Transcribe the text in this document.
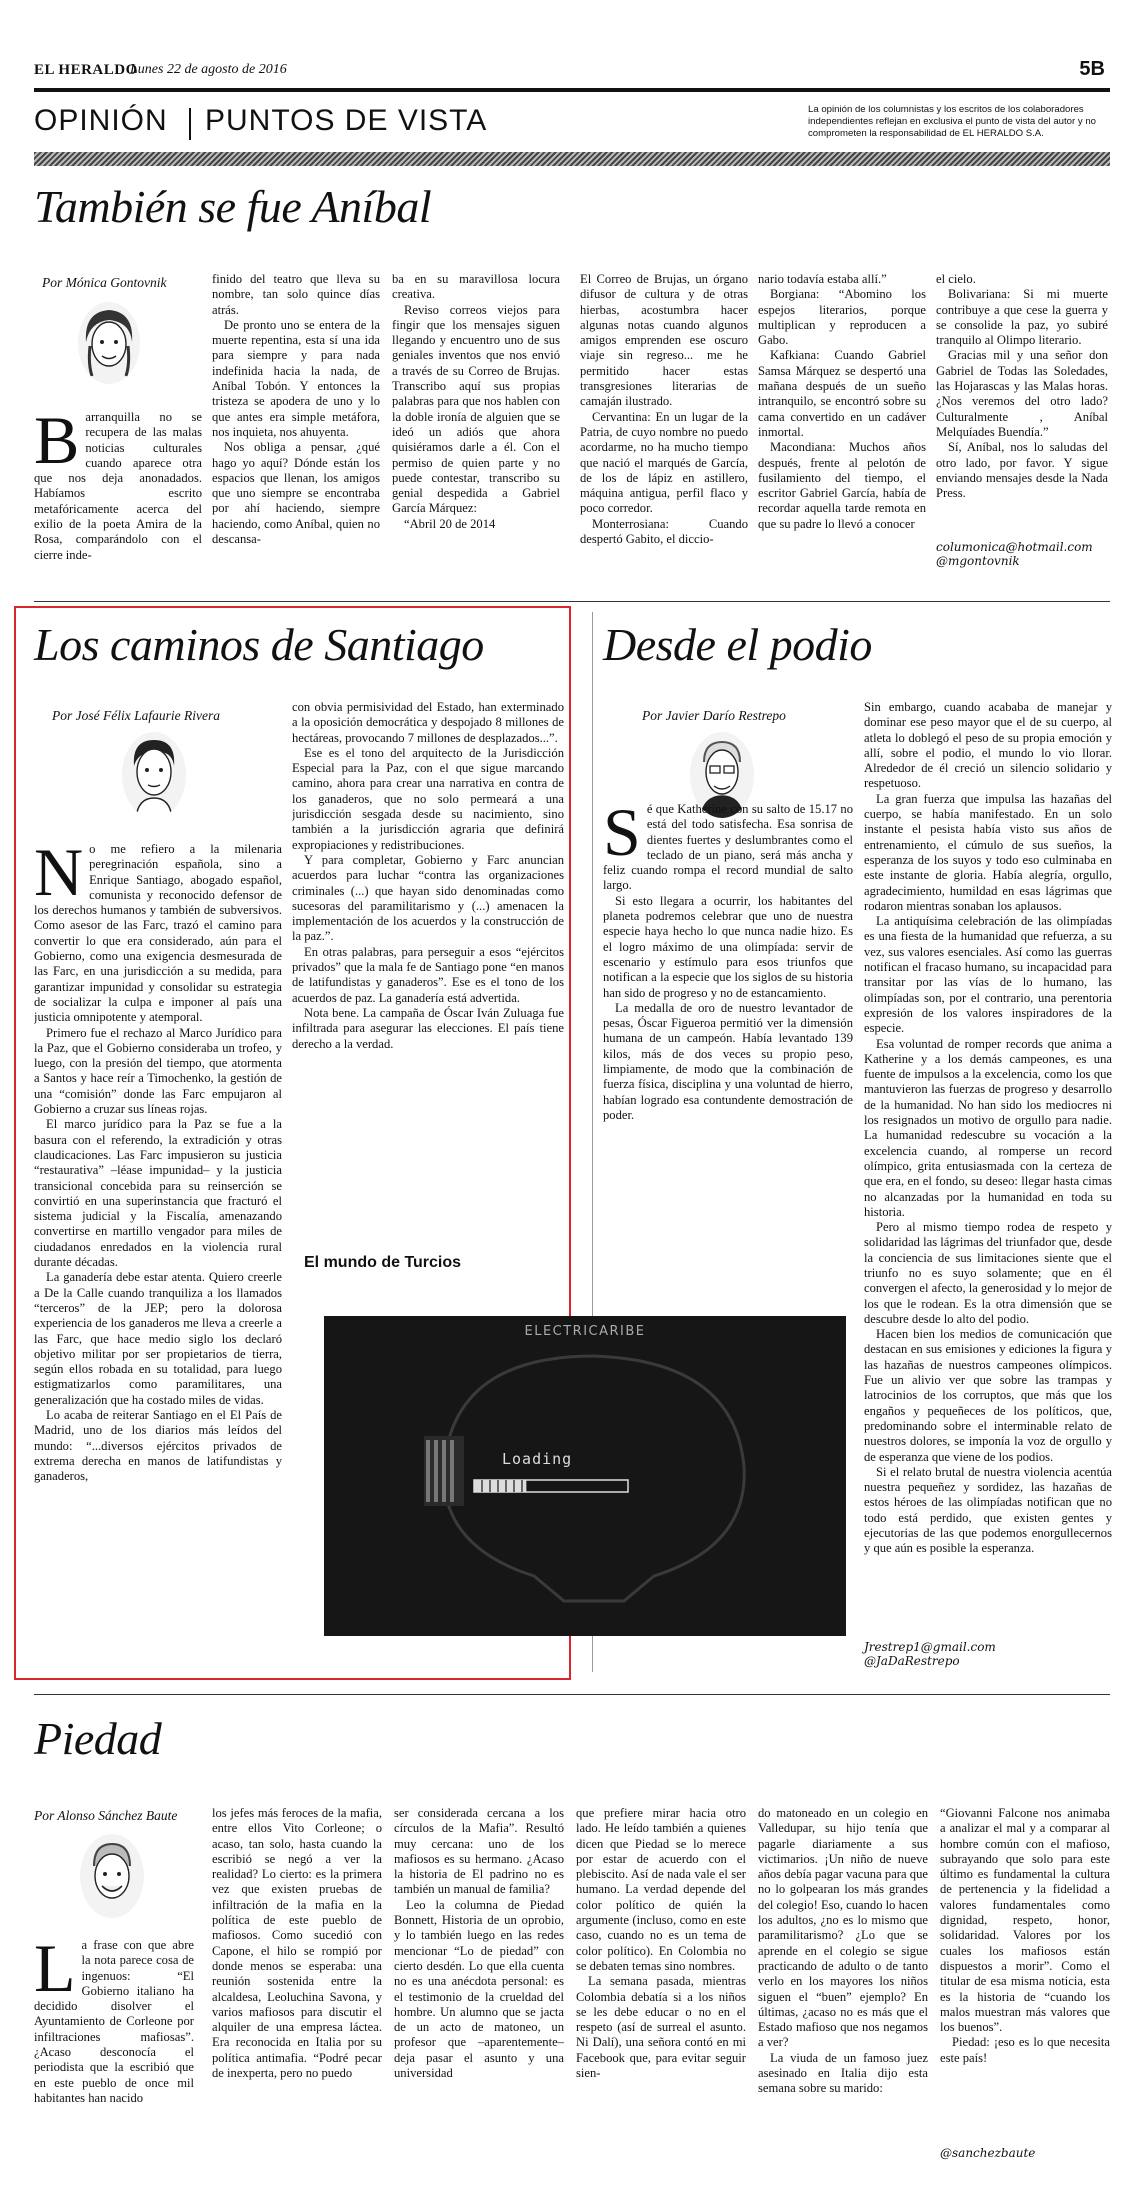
EL HERALDO
Lunes 22 de agosto de 2016	5B
OPINIÓN PUNTOS DE VISTA	La opinión de los columnistas y los escritos de los colaboradores independientes reflejan en exclusiva el punto de vista del autor y no comprometen la responsabilidad de EL HERALDO S.A.
También se fue Aníbal
Por Mónica Gontovnik
Barranquilla no se recupera de las malas noticias culturales cuando aparece otra que nos deja anonadados. Habíamos escrito metafóricamente acerca del exilio de la poeta Amira de la Rosa, comparándolo con el cierre inde-

finido del teatro que lleva su nombre, tan solo quince días atrás.

De pronto uno se entera de la muerte repentina, esta sí una ida para siempre y para nada indefinida hacia la nada, de Aníbal Tobón. Y entonces la tristeza se apodera de uno y lo que antes era simple metáfora, nos inquieta, nos ahuyenta.

Nos obliga a pensar, ¿qué hago yo aquí? Dónde están los espacios que llenan, los amigos que uno siempre se encontraba por ahí haciendo, siempre haciendo, como Aníbal, quien no descansa-

ba en su maravillosa locura creativa.

Reviso correos viejos para fingir que los mensajes siguen llegando y encuentro uno de sus geniales inventos que nos envió a través de su Correo de Brujas. Transcribo aquí sus propias palabras para que nos hablen con la doble ironía de alguien que se ideó un adiós que ahora quisiéramos darle a él. Con el permiso de quien parte y no puede contestar, transcribo su genial despedida a Gabriel García Márquez:

“Abril 20 de 2014

El Correo de Brujas, un órgano difusor de cultura y de otras hierbas, acostumbra hacer algunas notas cuando algunos amigos emprenden ese oscuro viaje sin regreso... me he permitido hacer estas transgresiones literarias de camaján ilustrado.

Cervantina: En un lugar de la Patria, de cuyo nombre no puedo acordarme, no ha mucho tiempo que nació el marqués de García, de los de lápiz en astillero, máquina antigua, perfil flaco y poco corredor.

Monterrosiana: Cuando despertó Gabito, el diccio-

nario todavía estaba allí.”

Borgiana: “Abomino los espejos literarios, porque multiplican y reproducen a Gabo.

Kafkiana: Cuando Gabriel Samsa Márquez se despertó una mañana después de un sueño intranquilo, se encontró sobre su cama convertido en un cadáver inmortal.

Macondiana: Muchos años después, frente al pelotón de fusilamiento del tiempo, el escritor Gabriel García, había de recordar aquella tarde remota en que su padre lo llevó a conocer

el cielo.

Bolivariana: Si mi muerte contribuye a que cese la guerra y se consolide la paz, yo subiré tranquilo al Olimpo literario.

Gracias mil y una señor don Gabriel de Todas las Soledades, las Hojarascas y las Malas horas. ¿Nos veremos del otro lado? Culturalmente , Aníbal Melquíades Buendía.”

Sí, Aníbal, nos lo saludas del otro lado, por favor. Y sigue enviando mensajes desde la Nada Press.

columonica@hotmail.com
@mgontovnik
Los caminos de Santiago
Por José Félix Lafaurie Rivera
No me refiero a la milenaria peregrinación española, sino a Enrique Santiago, abogado español, comunista y reconocido defensor de los derechos humanos y también de subversivos. Como asesor de las Farc, trazó el camino para convertir lo que era considerado, aún para el Gobierno, como una exigencia desmesurada de las Farc, en una jurisdicción a su medida, para garantizar impunidad y consolidar su estrategia de socializar la culpa e imponer al país una justicia omnipotente y atemporal.

Primero fue el rechazo al Marco Jurídico para la Paz, que el Gobierno consideraba un trofeo, y luego, con la presión del tiempo, que atormenta a Santos y hace reír a Timochenko, la gestión de una “comisión” donde las Farc empujaron al Gobierno a cruzar sus líneas rojas.

El marco jurídico para la Paz se fue a la basura con el referendo, la extradición y otras claudicaciones. Las Farc impusieron su justicia “restaurativa” –léase impunidad– y la justicia transicional concebida para su reinserción se convirtió en una superinstancia que fracturó el sistema judicial y la Fiscalía, amenazando convertirse en martillo vengador para miles de ciudadanos enredados en la violencia rural durante décadas.

La ganadería debe estar atenta. Quiero creerle a De la Calle cuando tranquiliza a los llamados “terceros” de la JEP; pero la dolorosa experiencia de los ganaderos me lleva a creerle a las Farc, que hace medio siglo los declaró objetivo militar por ser propietarios de tierra, según ellos robada en su totalidad, para luego estigmatizarlos como paramilitares, una generalización que ha costado miles de vidas.

Lo acaba de reiterar Santiago en el El País de Madrid, uno de los diarios más leídos del mundo: “...diversos ejércitos privados de extrema derecha en manos de latifundistas y ganaderos,

con obvia permisividad del Estado, han exterminado a la oposición democrática y despojado 8 millones de hectáreas, provocando 7 millones de desplazados...”.

Ese es el tono del arquitecto de la Jurisdicción Especial para la Paz, con el que sigue marcando camino, ahora para crear una narrativa en contra de los ganaderos, que no solo permeará a una jurisdicción sesgada desde su nacimiento, sino también a la jurisdicción agraria que definirá expropiaciones y redistribuciones.

Y para completar, Gobierno y Farc anuncian acuerdos para luchar “contra las organizaciones criminales (...) que hayan sido denominadas como sucesoras del paramilitarismo y (...) amenacen la implementación de los acuerdos y la construcción de la paz.”.

En otras palabras, para perseguir a esos “ejércitos privados” que la mala fe de Santiago pone “en manos de latifundistas y ganaderos”. Ese es el tono de los acuerdos de paz. La ganadería está advertida.

Nota bene. La campaña de Óscar Iván Zuluaga fue infiltrada para asegurar las elecciones. El país tiene derecho a la verdad.

Desde el podio
Por Javier Darío Restrepo
Sé que Katherine con su salto de 15.17 no está del todo satisfecha. Esa sonrisa de dientes fuertes y deslumbrantes como el teclado de un piano, será más ancha y feliz cuando rompa el record mundial de salto largo.

Si esto llegara a ocurrir, los habitantes del planeta podremos celebrar que uno de nuestra especie haya hecho lo que nunca nadie hizo. Es el logro máximo de una olimpíada: servir de escenario y estímulo para esos triunfos que notifican a la especie que los siglos de su historia han sido de progreso y no de estancamiento.

La medalla de oro de nuestro levantador de pesas, Óscar Figueroa permitió ver la dimensión humana de un campeón. Había levantado 139 kilos, más de dos veces su propio peso, limpiamente, de modo que la combinación de fuerza física, disciplina y una voluntad de hierro, habían logrado esa contundente demostración de poder.

Sin embargo, cuando acababa de manejar y dominar ese peso mayor que el de su cuerpo, al atleta lo doblegó el peso de su propia emoción y allí, sobre el podio, el mundo lo vio llorar. Alrededor de él creció un silencio solidario y respetuoso.

La gran fuerza que impulsa las hazañas del cuerpo, se había manifestado. En un solo instante el pesista había visto sus años de entrenamiento, el cúmulo de sus sueños, la esperanza de los suyos y todo eso culminaba en este instante de gloria. Había alegría, orgullo, agradecimiento, humildad en esas lágrimas que rodaron mientras sonaban los aplausos.

La antiquísima celebración de las olimpíadas es una fiesta de la humanidad que refuerza, a su vez, sus valores esenciales. Así como las guerras notifican el fracaso humano, su incapacidad para transitar por las vías de lo humano, las olimpíadas son, por el contrario, una perentoria expresión de los valores inspiradores de la especie.

Esa voluntad de romper records que anima a Katherine y a los demás campeones, es una fuente de impulsos a la excelencia, como los que mantuvieron las fuerzas de progreso y desarrollo de la humanidad. No han sido los mediocres ni los resignados un motivo de orgullo para nadie. La humanidad redescubre su vocación a la excelencia cuando, al romperse un record olímpico, grita entusiasmada con la certeza de que era, en el fondo, su deseo: llegar hasta cimas no alcanzadas por la humanidad en toda su historia.

Pero al mismo tiempo rodea de respeto y solidaridad las lágrimas del triunfador que, desde la conciencia de sus limitaciones siente que el triunfo no es suyo solamente; que en él convergen el afecto, la generosidad y lo mejor de los que le rodean. Es la otra dimensión que se descubre desde lo alto del podio.

Hacen bien los medios de comunicación que destacan en sus emisiones y ediciones la figura y las hazañas de nuestros campeones olímpicos. Fue un alivio ver que sobre las trampas y latrocinios de los corruptos, que más que los engaños y pequeñeces de los políticos, que, predominando sobre el interminable relato de nuestros dolores, se imponía la voz de orgullo y de esperanza que viene de los podios.

Si el relato brutal de nuestra violencia acentúa nuestra pequeñez y sordidez, las hazañas de estos héroes de las olimpíadas notifican que no todo está perdido, que existen gentes y ejecutorias de las que podemos enorgullecernos y que aún es posible la esperanza.

Jrestrep1@gmail.com
@JaDaRestrepo
El mundo de Turcios
Loading
ELECTRICARIBE
Piedad
Por Alonso Sánchez Baute
La frase con que abre la nota parece cosa de ingenuos: “El Gobierno italiano ha decidido disolver el Ayuntamiento de Corleone por infiltraciones mafiosas”. ¿Acaso desconocía el periodista que la escribió que en este pueblo de once mil habitantes han nacido

los jefes más feroces de la mafia, entre ellos Vito Corleone; o acaso, tan solo, hasta cuando la escribió se negó a ver la realidad? Lo cierto: es la primera vez que existen pruebas de infiltración de la mafia en la política de este pueblo de mafiosos. Como sucedió con Capone, el hilo se rompió por donde menos se esperaba: una reunión sostenida entre la alcaldesa, Leoluchina Savona, y varios mafiosos para discutir el alquiler de una empresa láctea. Era reconocida en Italia por su política antimafia. “Podré pecar de inexperta, pero no puedo

ser considerada cercana a los círculos de la Mafia”. Resultó muy cercana: uno de los mafiosos es su hermano. ¿Acaso la historia de El padrino no es también un manual de familia?

Leo la columna de Piedad Bonnett, Historia de un oprobio, y lo también luego en las redes mencionar “Lo de piedad” con cierto desdén. Lo que ella cuenta no es una anécdota personal: es el testimonio de la crueldad del hombre. Un alumno que se jacta de un acto de matoneo, un profesor que –aparentemente– deja pasar el asunto y una universidad

que prefiere mirar hacia otro lado. He leído también a quienes dicen que Piedad se lo merece por estar de acuerdo con el plebiscito. Así de nada vale el ser humano. La verdad depende del color político de quién la argumente (incluso, como en este caso, cuando no es un tema de color político). En Colombia no se debaten temas sino nombres.

La semana pasada, mientras Colombia debatía si a los niños se les debe educar o no en el respeto (así de surreal el asunto. Ni Dalí), una señora contó en mi Facebook que, para evitar seguir sien-

do matoneado en un colegio en Valledupar, su hijo tenía que pagarle diariamente a sus victimarios. ¡Un niño de nueve años debía pagar vacuna para que no lo golpearan los más grandes del colegio! Eso, cuando lo hacen los adultos, ¿no es lo mismo que paramilitarismo? ¿Lo que se aprende en el colegio se sigue practicando de adulto o de tanto verlo en los mayores los niños siguen el “buen” ejemplo? En últimas, ¿acaso no es más que el Estado mafioso que nos negamos a ver?

La viuda de un famoso juez asesinado en Italia dijo esta semana sobre su marido:

“Giovanni Falcone nos animaba a analizar el mal y a comparar al hombre común con el mafioso, subrayando que solo para este último es fundamental la cultura de pertenencia y la fidelidad a valores fundamentales como dignidad, respeto, honor, solidaridad. Valores por los cuales los mafiosos están dispuestos a morir”. Como el titular de esa misma noticia, esta es la historia de “cuando los malos muestran más valores que los buenos”.

Piedad: ¡eso es lo que necesita este país!

@sanchezbaute
